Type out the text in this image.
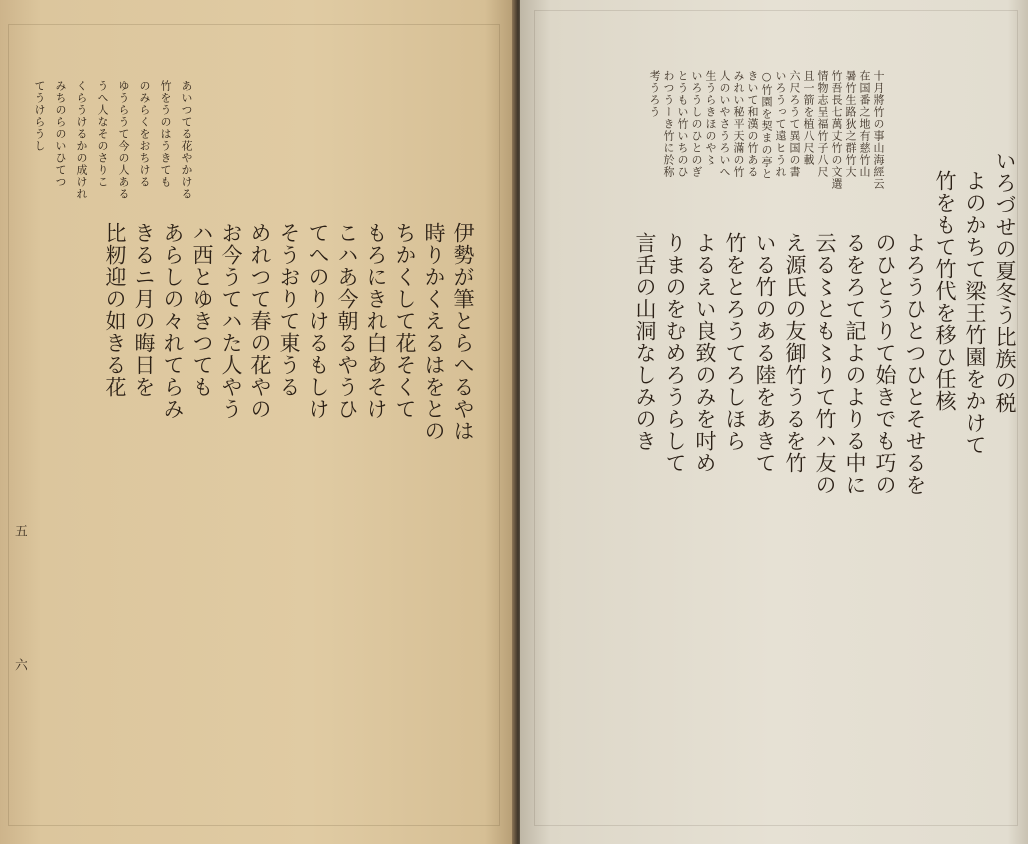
あいつてる花やかける
竹をうのはうきても
のみらくをおちける
ゆうらうて今の人ある
うへ人なそのさりこ
くらうけるかの成けれ
みちのらのいひてつ
てうけらうし
伊勢が筆とらへるやは
時りかくえるはをとの
ちかくして花そくて
もろにきれ白あそけ
こハあ今朝るやうひ
てへのりけるもしけ
そうおりて東うる
めれつて春の花やの
お今うてハた人やう
ハ西とゆきつても
あらしの々れてらみ
きるニ月の晦日を
比籾迎の如きる花
五
六
十月將竹の事山海經云
在国番之地有慈竹山
暑竹生路狄之群竹大
竹吾長七萬丈竹の文選
情物志呈福竹子八尺
且一箭を植八尺載
六尺ろうて異国の書
いろうって遠ヒうれ
○竹園を契まの亭と
きいて和漢の竹ある
みれい秘平天滿の竹
人のいやさうろいへ
生うらきほのや〻
いろうしのひとのぎ
とうもい竹いちのひ
わつうーき竹に於称
考うろう
いろづせの夏冬う比族の税
よのかちて梁王竹園をかけて
竹をもて竹代を移ひ任核
よろうひとつひとそせるを
のひとうりて始きでも巧の
るをろて記よのよりる中に
云る〻とも〻りて竹ハ友の
え源氏の友御竹うるを竹
いる竹のある陸をあきて
竹をとろうてろしほら
よるえい良致のみを吋め
りまのをむめろうらして
言舌の山洞なしみのき
